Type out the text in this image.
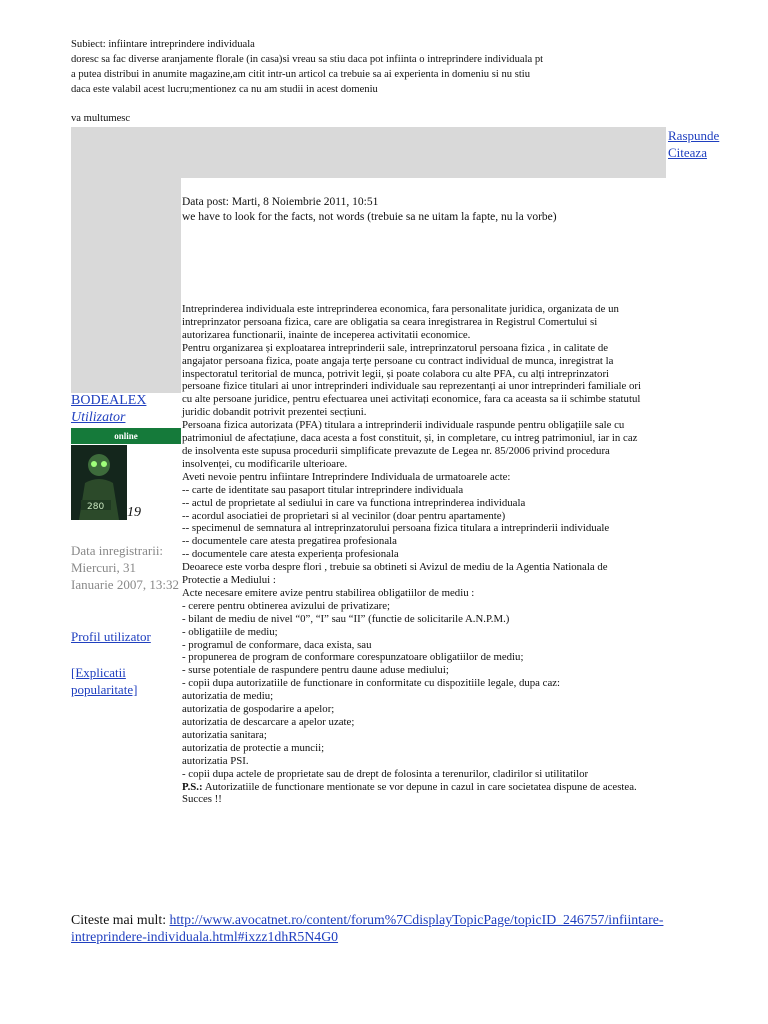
Subiect: infiintare intreprindere individuala
doresc sa fac diverse aranjamente florale (in casa)si vreau sa stiu daca pot infiinta o intreprindere individuala pt
a putea distribui in anumite magazine,am citit intr-un articol ca trebuie sa ai experienta in domeniu si nu stiu
daca este valabil acest lucru;mentionez ca nu am studii in acest domeniu
va multumesc
Raspunde
Citeaza
BODEALEX
Utilizator
online
280 19
Data inregistrarii: Miercuri, 31 Ianuarie 2007, 13:32
Profil utilizator
[Explicatii popularitate]
Data post: Marti, 8 Noiembrie 2011, 10:51
we have to look for the facts, not words (trebuie sa ne uitam la fapte, nu la vorbe)
Intreprinderea individuala este intreprinderea economica, fara personalitate juridica, organizata de un
intreprinzator persoana fizica, care are obligatia sa ceara inregistrarea in Registrul Comertului si
autorizarea functionarii, inainte de inceperea activitatii economice.
Pentru organizarea și exploatarea intreprinderii sale, intreprinzatorul persoana fizica , in calitate de
angajator persoana fizica, poate angaja terțe persoane cu contract individual de munca, inregistrat la
inspectoratul teritorial de munca, potrivit legii, și poate colabora cu alte PFA, cu alți intreprinzatori
persoane fizice titulari ai unor intreprinderi individuale sau reprezentanți ai unor intreprinderi familiale ori
cu alte persoane juridice, pentru efectuarea unei activitați economice, fara ca aceasta sa ii schimbe statutul
juridic dobandit potrivit prezentei secțiuni.
Persoana fizica autorizata (PFA) titulara a intreprinderii individuale raspunde pentru obligațiile sale cu
patrimoniul de afectațiune, daca acesta a fost constituit, și, in completare, cu intreg patrimoniul, iar in caz
de insolventa este supusa procedurii simplificate prevazute de Legea nr. 85/2006 privind procedura
insolvenței, cu modificarile ulterioare.
Aveti nevoie pentru infiintare Intreprindere Individuala de urmatoarele acte:
-- carte de identitate sau pasaport titular intreprindere individuala
-- actul de proprietate al sediului in care va functiona intreprinderea individuala
-- acordul asociatiei de proprietari si al vecinilor (doar pentru apartamente)
-- specimenul de semnatura al intreprinzatorului persoana fizica titulara a intreprinderii individuale
-- documentele care atesta pregatirea profesionala
-- documentele care atesta experiența profesionala
Deoarece este vorba despre flori , trebuie sa obtineti si Avizul de mediu de la Agentia Nationala de
Protectie a Mediului :
Acte necesare emitere avize pentru stabilirea obligatiilor de mediu :
- cerere pentru obtinerea avizului de privatizare;
- bilant de mediu de nivel “0”, “I” sau “II” (functie de solicitarile A.N.P.M.)
- obligatiile de mediu;
- programul de conformare, daca exista, sau
- propunerea de program de conformare corespunzatoare obligatiilor de mediu;
- surse potentiale de raspundere pentru daune aduse mediului;
- copii dupa autorizatiile de functionare in conformitate cu dispozitiile legale, dupa caz:
autorizatia de mediu;
autorizatia de gospodarire a apelor;
autorizatia de descarcare a apelor uzate;
autorizatia sanitara;
autorizatia de protectie a muncii;
autorizatia PSI.
- copii dupa actele de proprietate sau de drept de folosinta a terenurilor, cladirilor si utilitatilor
P.S.: Autorizatiile de functionare mentionate se vor depune in cazul in care societatea dispune de acestea.
Succes !!
Citeste mai mult: http://www.avocatnet.ro/content/forum%7CdisplayTopicPage/topicID_246757/infiintare-
intreprindere-individuala.html#ixzz1dhR5N4G0
